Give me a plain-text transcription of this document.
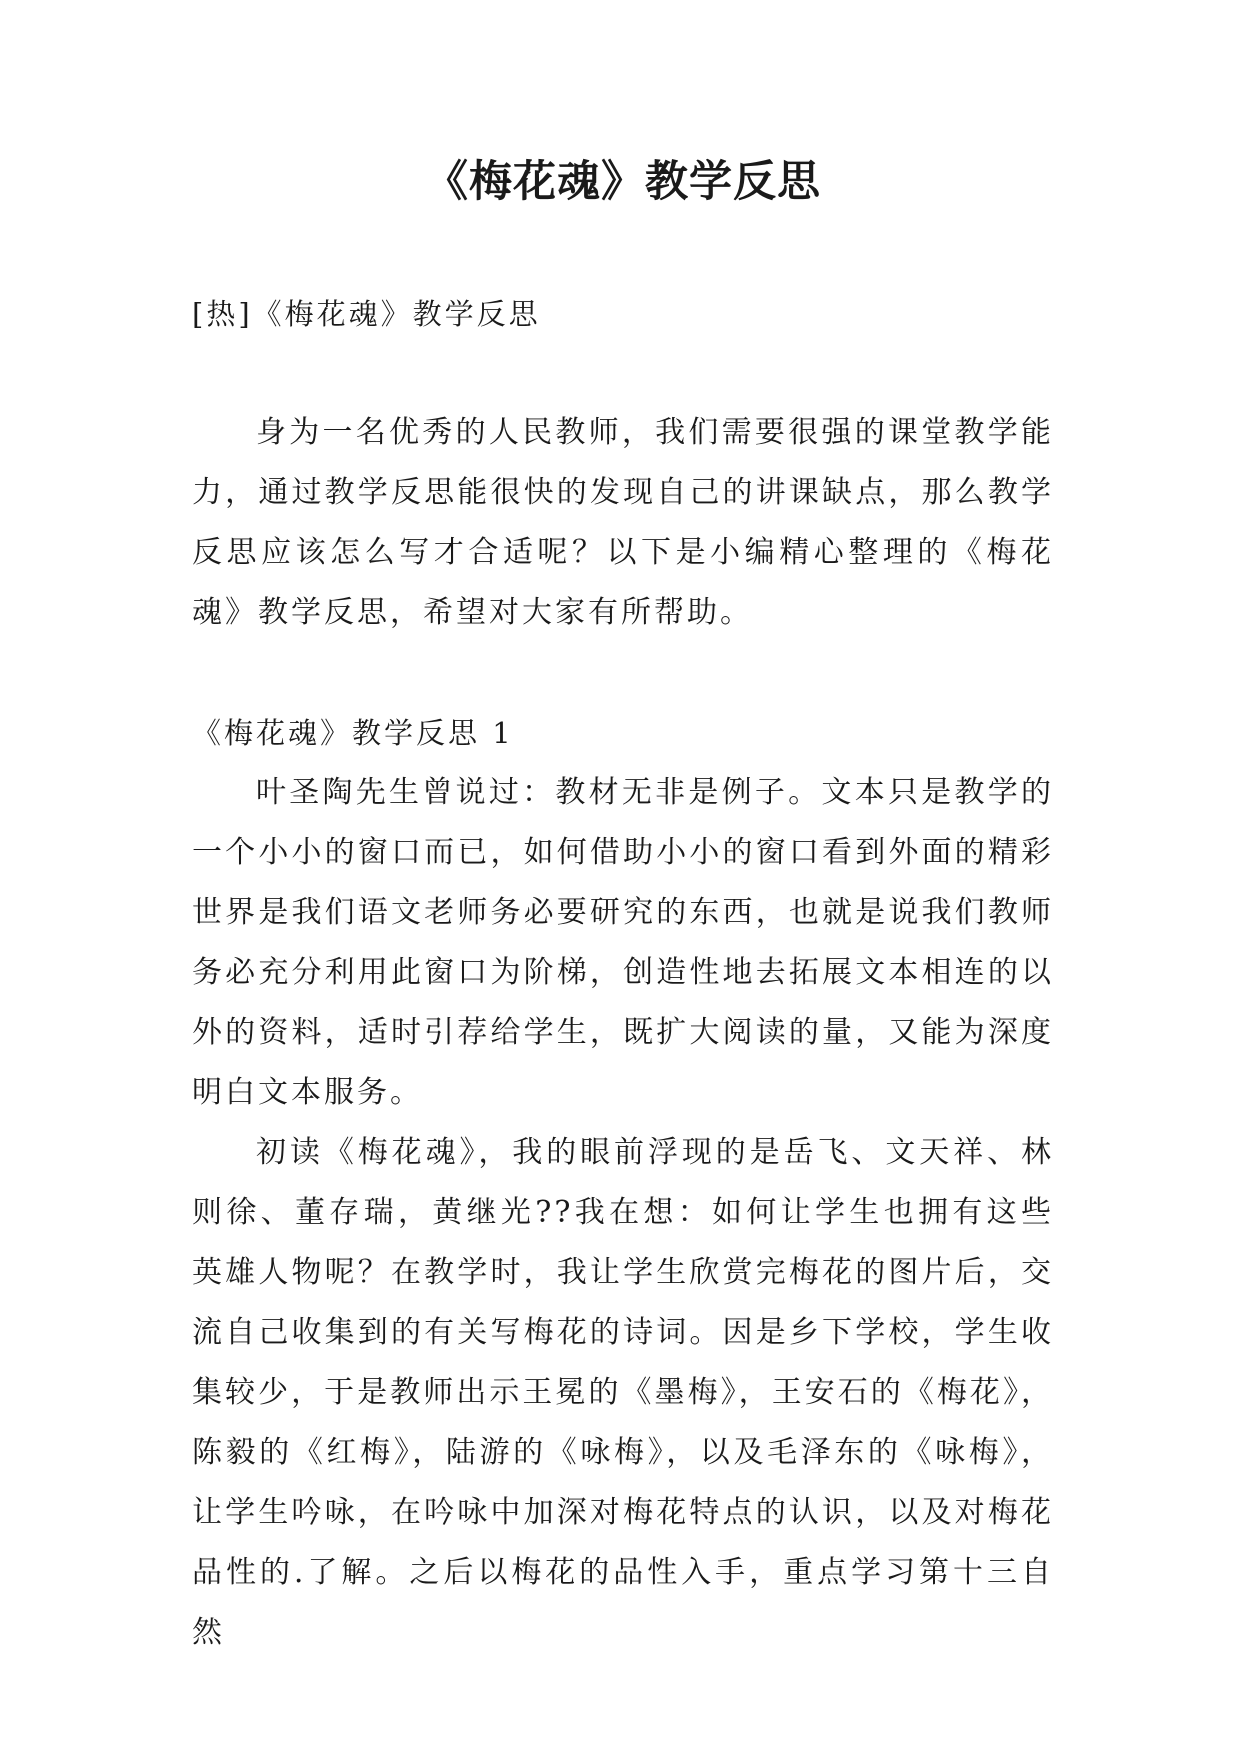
《梅花魂》教学反思

[热]《梅花魂》教学反思

身为一名优秀的人民教师，我们需要很强的课堂教学能力，通过教学反思能很快的发现自己的讲课缺点，那么教学反思应该怎么写才合适呢？以下是小编精心整理的《梅花魂》教学反思，希望对大家有所帮助。

《梅花魂》教学反思 1

叶圣陶先生曾说过：教材无非是例子。文本只是教学的一个小小的窗口而已，如何借助小小的窗口看到外面的精彩世界是我们语文老师务必要研究的东西，也就是说我们教师务必充分利用此窗口为阶梯，创造性地去拓展文本相连的以外的资料，适时引荐给学生，既扩大阅读的量，又能为深度明白文本服务。

初读《梅花魂》，我的眼前浮现的是岳飞、文天祥、林则徐、董存瑞，黄继光??我在想：如何让学生也拥有这些英雄人物呢？在教学时，我让学生欣赏完梅花的图片后，交流自己收集到的有关写梅花的诗词。因是乡下学校，学生收集较少，于是教师出示王冕的《墨梅》，王安石的《梅花》，陈毅的《红梅》，陆游的《咏梅》，以及毛泽东的《咏梅》，让学生吟咏，在吟咏中加深对梅花特点的认识，以及对梅花品性的.了解。之后以梅花的品性入手，重点学习第十三自然
